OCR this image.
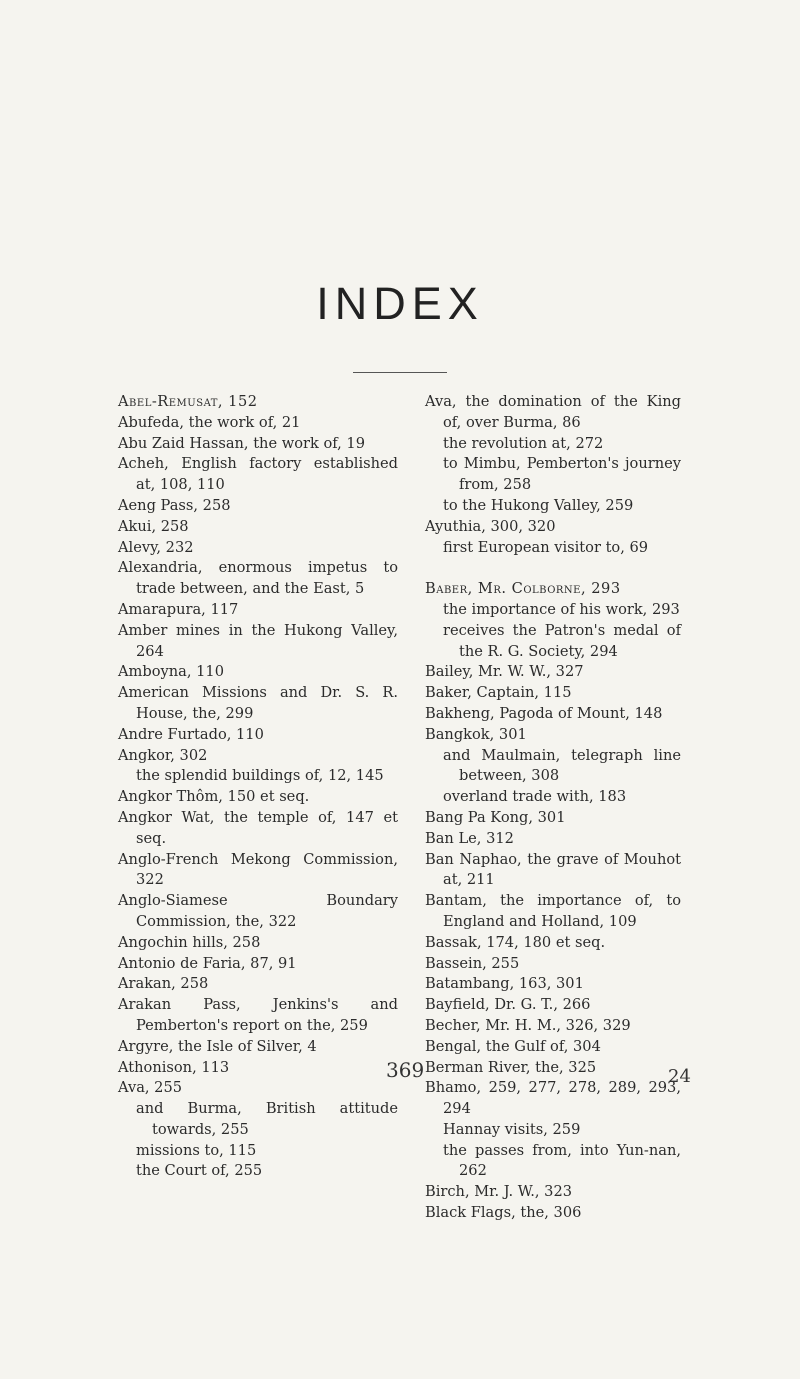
INDEX
Abel-Remusat, 152
Abufeda, the work of, 21
Abu Zaid Hassan, the work of, 19
Acheh, English factory established at, 108, 110
Aeng Pass, 258
Akui, 258
Alevy, 232
Alexandria, enormous impetus to trade between, and the East, 5
Amarapura, 117
Amber mines in the Hukong Valley, 264
Amboyna, 110
American Missions and Dr. S. R. House, the, 299
Andre Furtado, 110
Angkor, 302
the splendid buildings of, 12, 145
Angkor Thôm, 150 et seq.
Angkor Wat, the temple of, 147 et seq.
Anglo-French Mekong Commission, 322
Anglo-Siamese Boundary Commission, the, 322
Angochin hills, 258
Antonio de Faria, 87, 91
Arakan, 258
Arakan Pass, Jenkins's and Pemberton's report on the, 259
Argyre, the Isle of Silver, 4
Athonison, 113
Ava, 255
and Burma, British attitude towards, 255
missions to, 115
the Court of, 255
Ava, the domination of the King of, over Burma, 86
the revolution at, 272
to Mimbu, Pemberton's journey from, 258
to the Hukong Valley, 259
Ayuthia, 300, 320
first European visitor to, 69
Baber, Mr. Colborne, 293
the importance of his work, 293
receives the Patron's medal of the R. G. Society, 294
Bailey, Mr. W. W., 327
Baker, Captain, 115
Bakheng, Pagoda of Mount, 148
Bangkok, 301
and Maulmain, telegraph line between, 308
overland trade with, 183
Bang Pa Kong, 301
Ban Le, 312
Ban Naphao, the grave of Mouhot at, 211
Bantam, the importance of, to England and Holland, 109
Bassak, 174, 180 et seq.
Bassein, 255
Batambang, 163, 301
Bayfield, Dr. G. T., 266
Becher, Mr. H. M., 326, 329
Bengal, the Gulf of, 304
Berman River, the, 325
Bhamo, 259, 277, 278, 289, 293, 294
Hannay visits, 259
the passes from, into Yun-nan, 262
Birch, Mr. J. W., 323
Black Flags, the, 306
369	24
